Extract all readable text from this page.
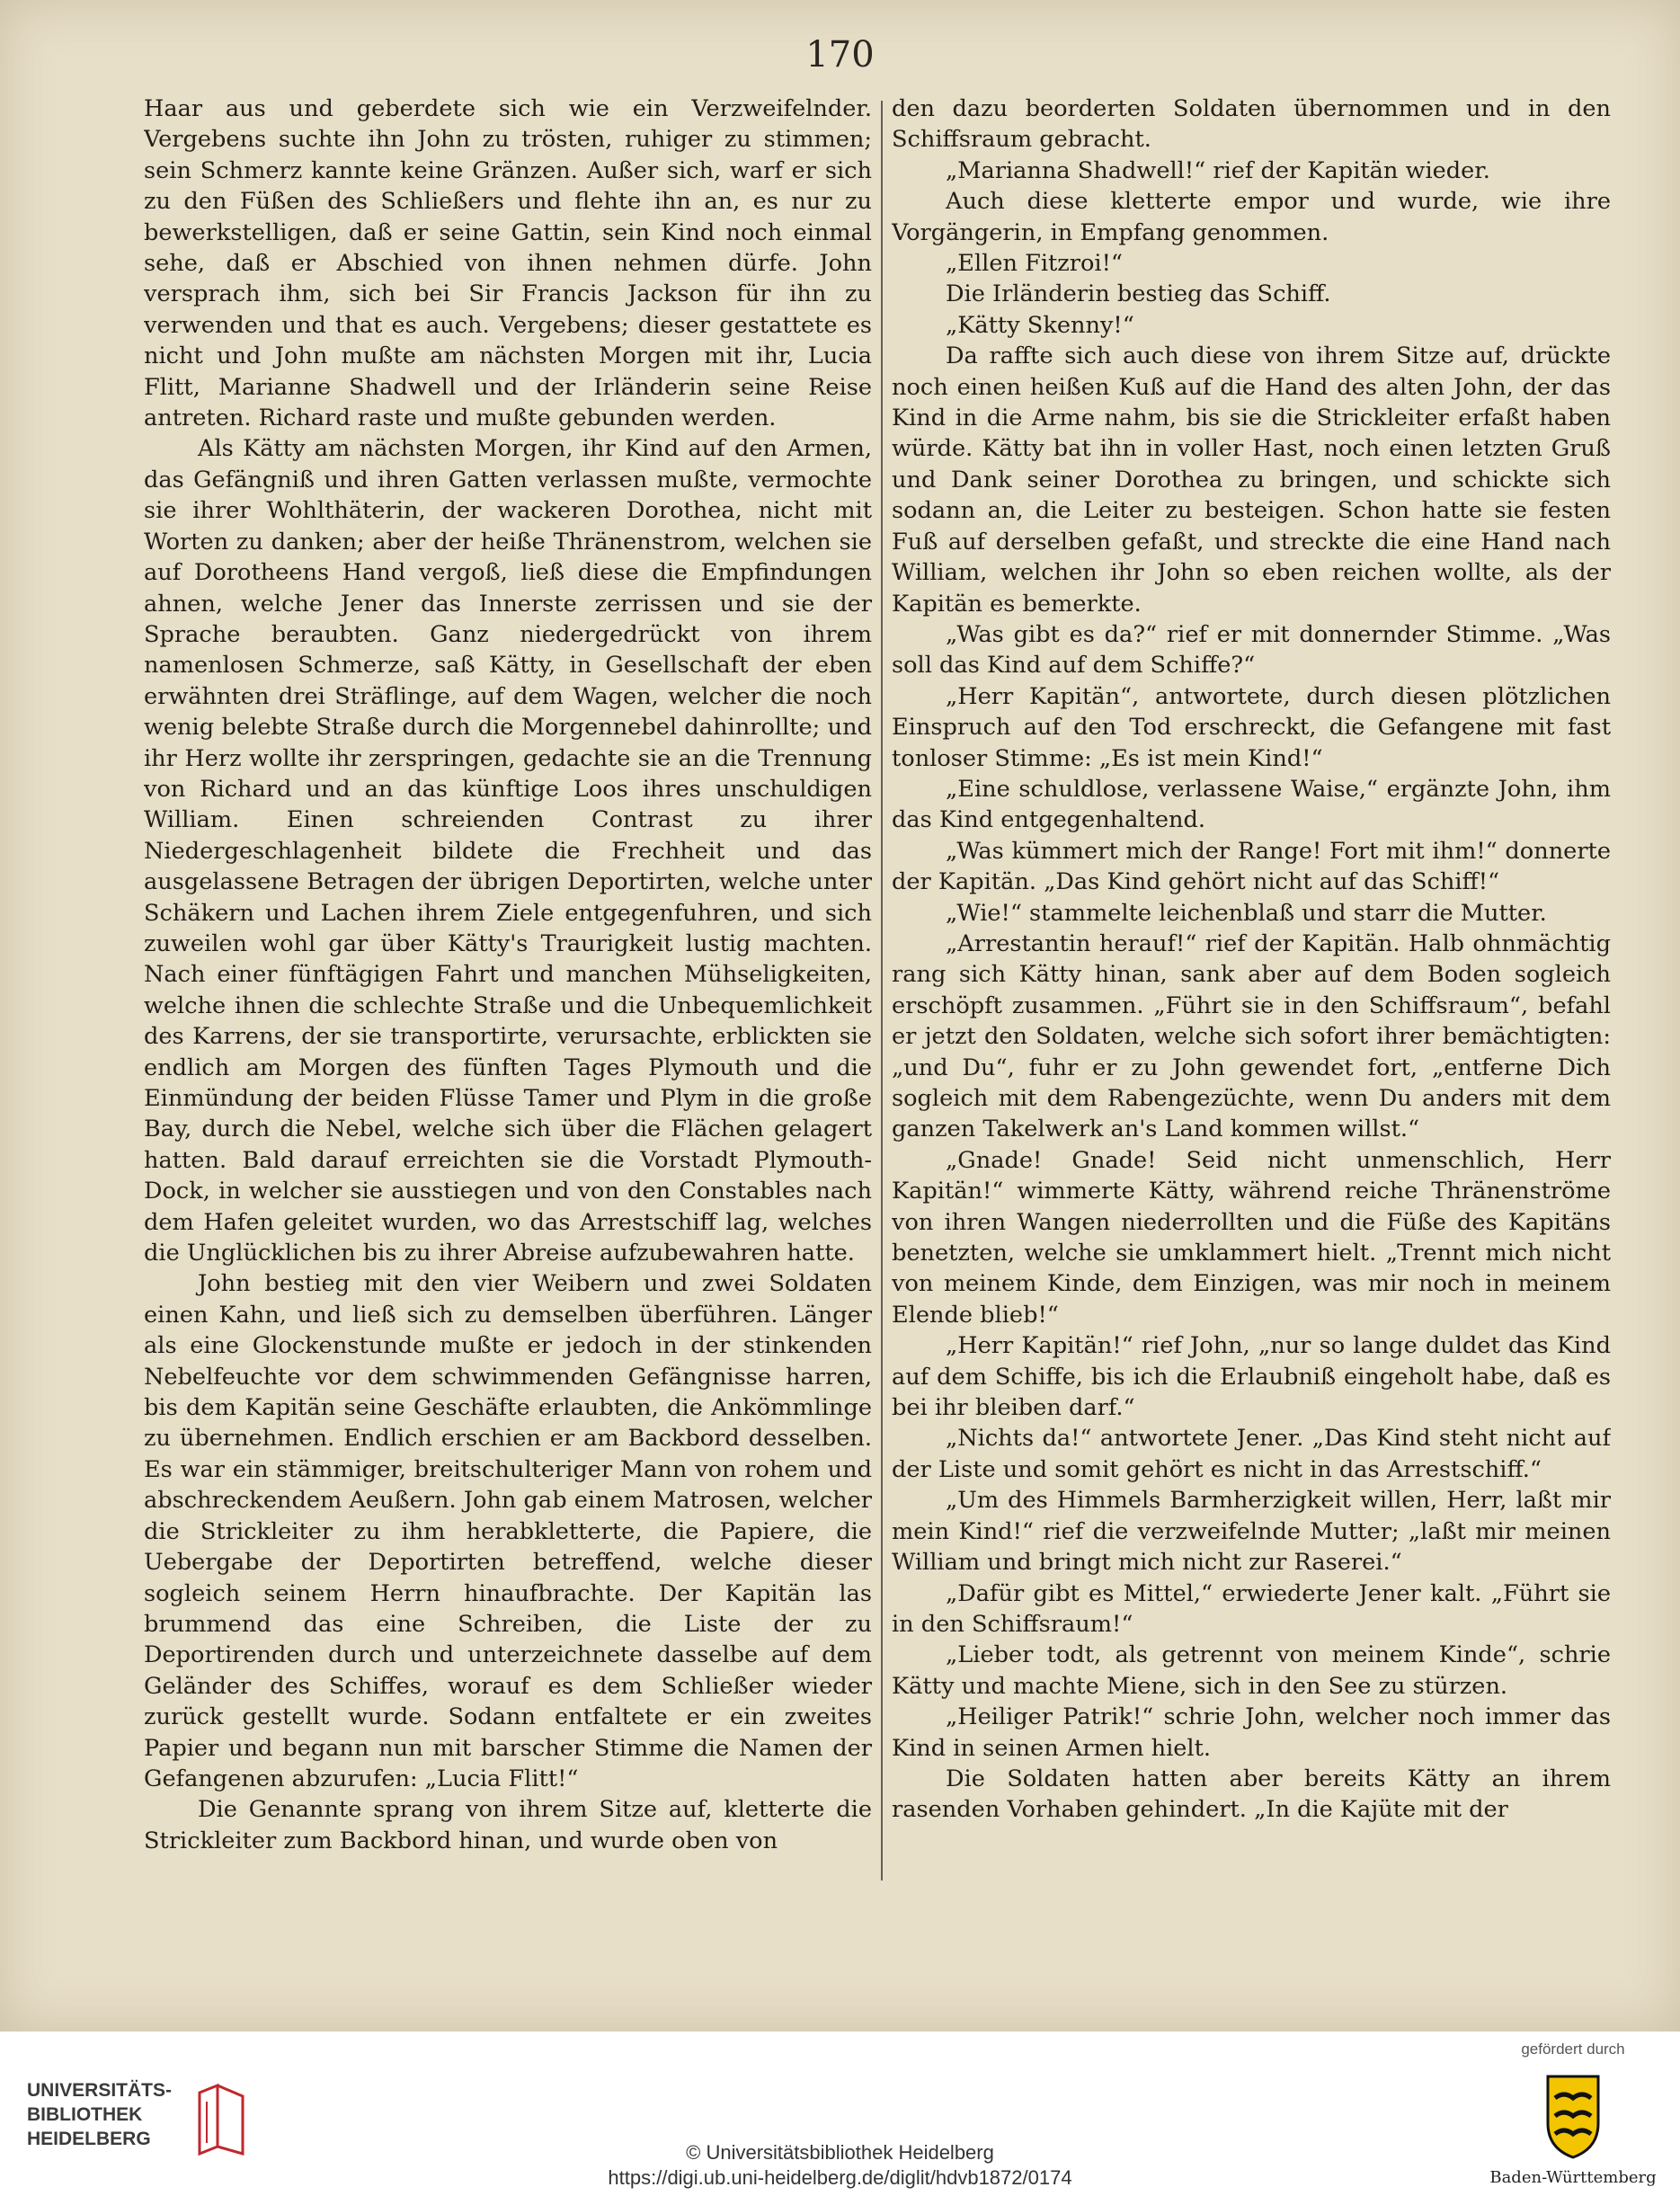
170

Haar aus und geberdete sich wie ein Verzweifelnder. Vergebens suchte ihn John zu trösten, ruhiger zu stimmen; sein Schmerz kannte keine Gränzen. Außer sich, warf er sich zu den Füßen des Schließers und flehte ihn an, es nur zu bewerkstelligen, daß er seine Gattin, sein Kind noch einmal sehe, daß er Abschied von ihnen nehmen dürfe. John versprach ihm, sich bei Sir Francis Jackson für ihn zu verwenden und that es auch. Vergebens; dieser gestattete es nicht und John mußte am nächsten Morgen mit ihr, Lucia Flitt, Marianne Shadwell und der Irländerin seine Reise antreten. Richard raste und mußte gebunden werden.

Als Kätty am nächsten Morgen, ihr Kind auf den Armen, das Gefängniß und ihren Gatten verlassen mußte, vermochte sie ihrer Wohlthäterin, der wackeren Dorothea, nicht mit Worten zu danken; aber der heiße Thränenstrom, welchen sie auf Dorotheens Hand vergoß, ließ diese die Empfindungen ahnen, welche Jener das Innerste zerrissen und sie der Sprache beraubten. Ganz niedergedrückt von ihrem namenlosen Schmerze, saß Kätty, in Gesellschaft der eben erwähnten drei Sträflinge, auf dem Wagen, welcher die noch wenig belebte Straße durch die Morgennebel dahinrollte; und ihr Herz wollte ihr zerspringen, gedachte sie an die Trennung von Richard und an das künftige Loos ihres unschuldigen William. Einen schreienden Contrast zu ihrer Niedergeschlagenheit bildete die Frechheit und das ausgelassene Betragen der übrigen Deportirten, welche unter Schäkern und Lachen ihrem Ziele entgegenfuhren, und sich zuweilen wohl gar über Kätty's Traurigkeit lustig machten. Nach einer fünftägigen Fahrt und manchen Mühseligkeiten, welche ihnen die schlechte Straße und die Unbequemlichkeit des Karrens, der sie transportirte, verursachte, erblickten sie endlich am Morgen des fünften Tages Plymouth und die Einmündung der beiden Flüsse Tamer und Plym in die große Bay, durch die Nebel, welche sich über die Flächen gelagert hatten. Bald darauf erreichten sie die Vorstadt Plymouth-Dock, in welcher sie ausstiegen und von den Constables nach dem Hafen geleitet wurden, wo das Arrestschiff lag, welches die Unglücklichen bis zu ihrer Abreise aufzubewahren hatte.

John bestieg mit den vier Weibern und zwei Soldaten einen Kahn, und ließ sich zu demselben überführen. Länger als eine Glockenstunde mußte er jedoch in der stinkenden Nebelfeuchte vor dem schwimmenden Gefängnisse harren, bis dem Kapitän seine Geschäfte erlaubten, die Ankömmlinge zu übernehmen. Endlich erschien er am Backbord desselben. Es war ein stämmiger, breitschulteriger Mann von rohem und abschreckendem Aeußern. John gab einem Matrosen, welcher die Strickleiter zu ihm herabkletterte, die Papiere, die Uebergabe der Deportirten betreffend, welche dieser sogleich seinem Herrn hinaufbrachte. Der Kapitän las brummend das eine Schreiben, die Liste der zu Deportirenden durch und unterzeichnete dasselbe auf dem Geländer des Schiffes, worauf es dem Schließer wieder zurück gestellt wurde. Sodann entfaltete er ein zweites Papier und begann nun mit barscher Stimme die Namen der Gefangenen abzurufen: „Lucia Flitt!“

Die Genannte sprang von ihrem Sitze auf, kletterte die Strickleiter zum Backbord hinan, und wurde oben von

den dazu beorderten Soldaten übernommen und in den Schiffsraum gebracht.

„Marianna Shadwell!“ rief der Kapitän wieder.

Auch diese kletterte empor und wurde, wie ihre Vorgängerin, in Empfang genommen.

„Ellen Fitzroi!“

Die Irländerin bestieg das Schiff.

„Kätty Skenny!“

Da raffte sich auch diese von ihrem Sitze auf, drückte noch einen heißen Kuß auf die Hand des alten John, der das Kind in die Arme nahm, bis sie die Strickleiter erfaßt haben würde. Kätty bat ihn in voller Hast, noch einen letzten Gruß und Dank seiner Dorothea zu bringen, und schickte sich sodann an, die Leiter zu besteigen. Schon hatte sie festen Fuß auf derselben gefaßt, und streckte die eine Hand nach William, welchen ihr John so eben reichen wollte, als der Kapitän es bemerkte.

„Was gibt es da?“ rief er mit donnernder Stimme. „Was soll das Kind auf dem Schiffe?“

„Herr Kapitän“, antwortete, durch diesen plötzlichen Einspruch auf den Tod erschreckt, die Gefangene mit fast tonloser Stimme: „Es ist mein Kind!“

„Eine schuldlose, verlassene Waise,“ ergänzte John, ihm das Kind entgegenhaltend.

„Was kümmert mich der Range! Fort mit ihm!“ donnerte der Kapitän. „Das Kind gehört nicht auf das Schiff!“

„Wie!“ stammelte leichenblaß und starr die Mutter.

„Arrestantin herauf!“ rief der Kapitän. Halb ohnmächtig rang sich Kätty hinan, sank aber auf dem Boden sogleich erschöpft zusammen. „Führt sie in den Schiffsraum“, befahl er jetzt den Soldaten, welche sich sofort ihrer bemächtigten: „und Du“, fuhr er zu John gewendet fort, „entferne Dich sogleich mit dem Rabengezüchte, wenn Du anders mit dem ganzen Takelwerk an's Land kommen willst.“

„Gnade! Gnade! Seid nicht unmenschlich, Herr Kapitän!“ wimmerte Kätty, während reiche Thränenströme von ihren Wangen niederrollten und die Füße des Kapitäns benetzten, welche sie umklammert hielt. „Trennt mich nicht von meinem Kinde, dem Einzigen, was mir noch in meinem Elende blieb!“

„Herr Kapitän!“ rief John, „nur so lange duldet das Kind auf dem Schiffe, bis ich die Erlaubniß eingeholt habe, daß es bei ihr bleiben darf.“

„Nichts da!“ antwortete Jener. „Das Kind steht nicht auf der Liste und somit gehört es nicht in das Arrestschiff.“

„Um des Himmels Barmherzigkeit willen, Herr, laßt mir mein Kind!“ rief die verzweifelnde Mutter; „laßt mir meinen William und bringt mich nicht zur Raserei.“

„Dafür gibt es Mittel,“ erwiederte Jener kalt. „Führt sie in den Schiffsraum!“

„Lieber todt, als getrennt von meinem Kinde“, schrie Kätty und machte Miene, sich in den See zu stürzen.

„Heiliger Patrik!“ schrie John, welcher noch immer das Kind in seinen Armen hielt.

Die Soldaten hatten aber bereits Kätty an ihrem rasenden Vorhaben gehindert. „In die Kajüte mit der

UNIVERSITÄTS-
BIBLIOTHEK
HEIDELBERG
© Universitätsbibliothek Heidelberg
https://digi.ub.uni-heidelberg.de/diglit/hdvb1872/0174
gefördert durch
Baden-Württemberg
